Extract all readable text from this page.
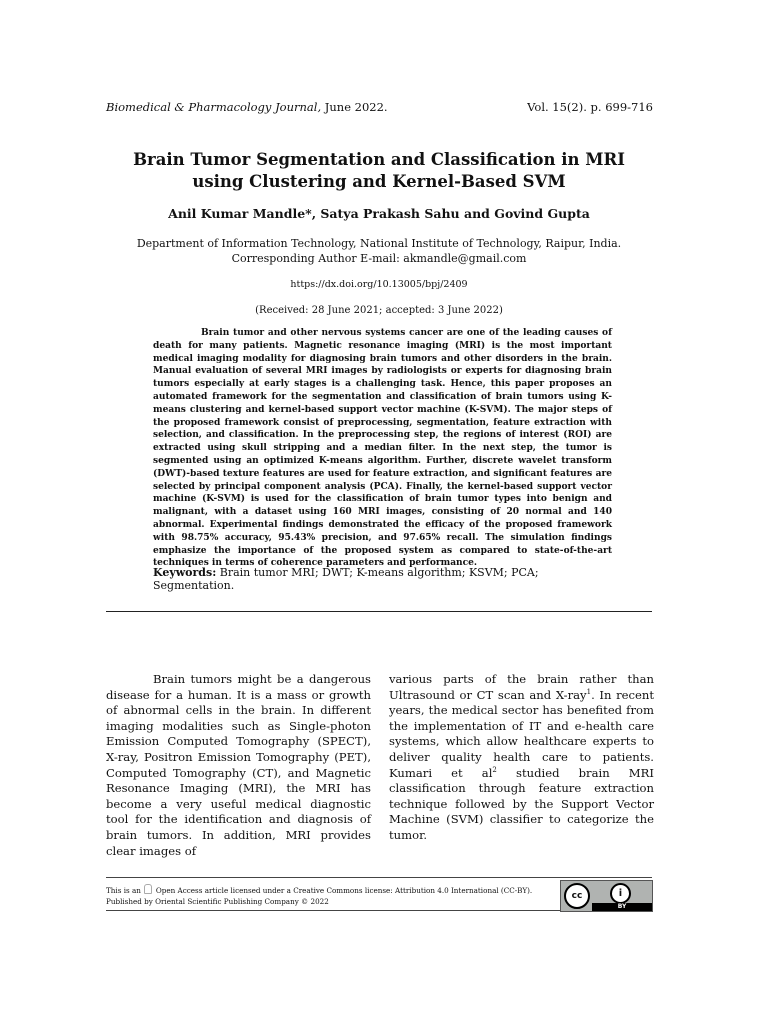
Biomedical & Pharmacology Journal, June 2022.	Vol. 15(2). p. 699-716
Brain Tumor Segmentation and Classification in MRI
using Clustering and Kernel-Based SVM
Anil Kumar Mandle*, Satya Prakash Sahu and Govind Gupta
Department of Information Technology, National Institute of Technology, Raipur, India.
Corresponding Author E-mail: akmandle@gmail.com
https://dx.doi.org/10.13005/bpj/2409
(Received: 28 June 2021; accepted: 3 June 2022)

Brain tumor and other nervous systems cancer are one of the leading causes of death for many patients. Magnetic resonance imaging (MRI) is the most important medical imaging modality for diagnosing brain tumors and other disorders in the brain. Manual evaluation of several MRI images by radiologists or experts for diagnosing brain tumors especially at early stages is a challenging task. Hence, this paper proposes an automated framework for the segmentation and classification of brain tumors using K-means clustering and kernel-based support vector machine (K-SVM). The major steps of the proposed framework consist of preprocessing, segmentation, feature extraction with selection, and classification. In the preprocessing step, the regions of interest (ROI) are extracted using skull stripping and a median filter. In the next step, the tumor is segmented using an optimized K-means algorithm. Further, discrete wavelet transform (DWT)-based texture features are used for feature extraction, and significant features are selected by principal component analysis (PCA). Finally, the kernel-based support vector machine (K-SVM) is used for the classification of brain tumor types into benign and malignant, with a dataset using 160 MRI images, consisting of 20 normal and 140 abnormal. Experimental findings demonstrated the efficacy of the proposed framework with 98.75% accuracy, 95.43% precision, and 97.65% recall. The simulation findings emphasize the importance of the proposed system as compared to state-of-the-art techniques in terms of coherence parameters and performance.

Keywords: Brain tumor MRI; DWT; K-means algorithm; KSVM; PCA; Segmentation.

Brain tumors might be a dangerous disease for a human. It is a mass or growth of abnormal cells in the brain. In different imaging modalities such as Single-photon Emission Computed Tomography (SPECT), X-ray, Positron Emission Tomography (PET), Computed Tomography (CT), and Magnetic Resonance Imaging (MRI), the MRI has become a very useful medical diagnostic tool for the identification and diagnosis of brain tumors. In addition, MRI provides clear images of

various parts of the brain rather than Ultrasound or CT scan and X-ray$^1$. In recent years, the medical sector has benefited from the implementation of IT and e-health care systems, which allow healthcare experts to deliver quality health care to patients. Kumari et $al^2$ studied brain MRI classification through feature extraction technique followed by the Support Vector Machine (SVM) classifier to categorize the tumor.

This is an Open Access article licensed under a Creative Commons license: Attribution 4.0 International (CC-BY).
Published by Oriental Scientific Publishing Company © 2022
cc	i
BY
